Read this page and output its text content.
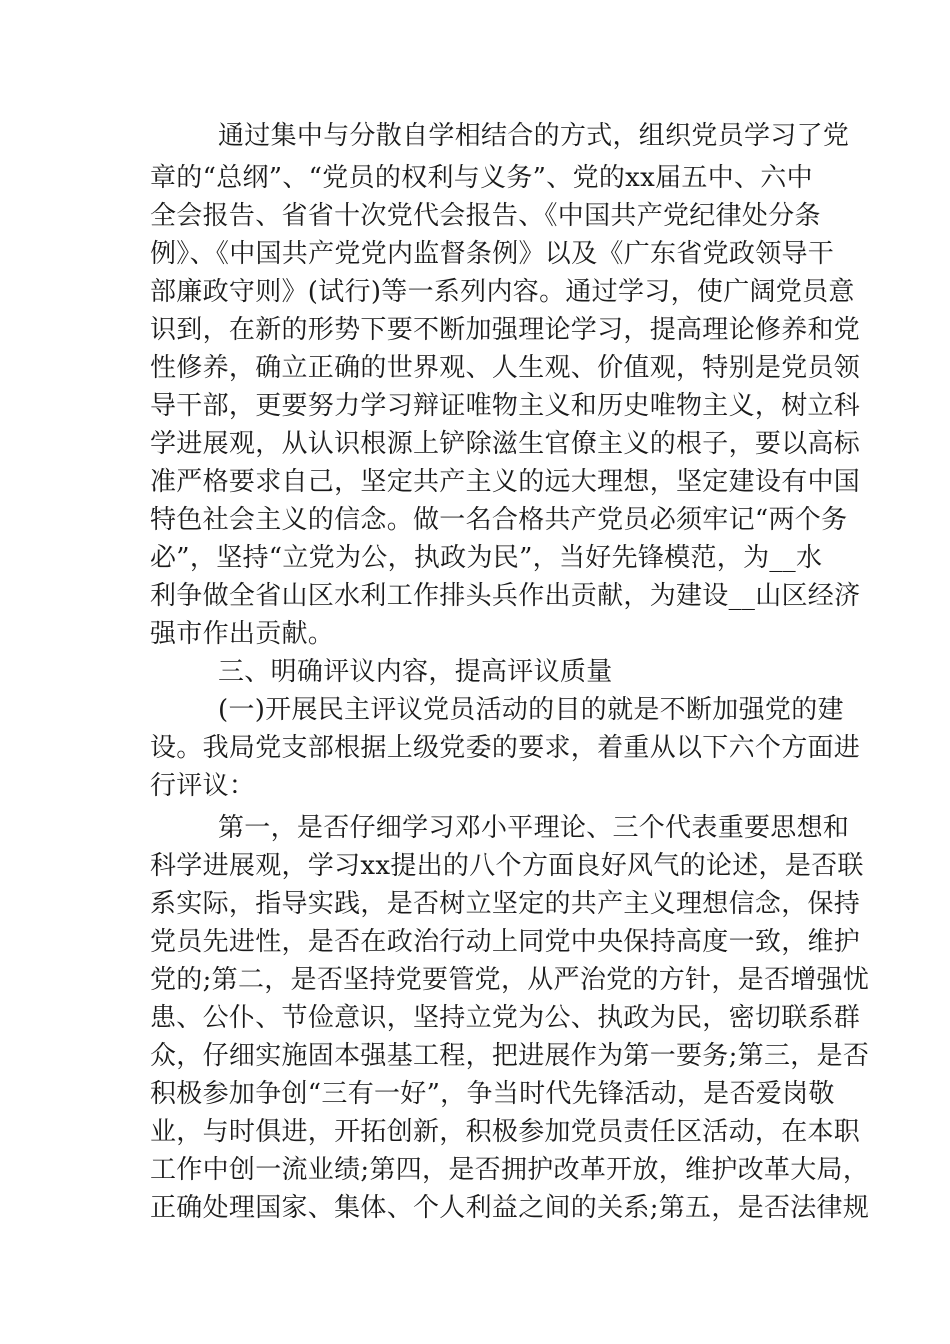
通过集中与分散自学相结合的方式，组织党员学习了党
章的“总纲”、“党员的权利与义务”、党的xx届五中、六中
全会报告、省省十次党代会报告、《中国共产党纪律处分条
例》、《中国共产党党内监督条例》以及《广东省党政领导干
部廉政守则》(试行)等一系列内容。通过学习，使广阔党员意
识到，在新的形势下要不断加强理论学习，提高理论修养和党
性修养，确立正确的世界观、人生观、价值观，特别是党员领
导干部，更要努力学习辩证唯物主义和历史唯物主义，树立科
学进展观，从认识根源上铲除滋生官僚主义的根子，要以高标
准严格要求自己，坚定共产主义的远大理想，坚定建设有中国
特色社会主义的信念。做一名合格共产党员必须牢记“两个务
必”，坚持“立党为公，执政为民”，当好先锋模范，为__水
利争做全省山区水利工作排头兵作出贡献，为建设__山区经济
强市作出贡献。
三、明确评议内容，提高评议质量
(一)开展民主评议党员活动的目的就是不断加强党的建
设。我局党支部根据上级党委的要求，着重从以下六个方面进
行评议：
第一，是否仔细学习邓小平理论、三个代表重要思想和
科学进展观，学习xx提出的八个方面良好风气的论述，是否联
系实际，指导实践，是否树立坚定的共产主义理想信念，保持
党员先进性，是否在政治行动上同党中央保持高度一致，维护
党的;第二，是否坚持党要管党，从严治党的方针，是否增强忧
患、公仆、节俭意识，坚持立党为公、执政为民，密切联系群
众，仔细实施固本强基工程，把进展作为第一要务;第三，是否
积极参加争创“三有一好”，争当时代先锋活动，是否爱岗敬
业，与时俱进，开拓创新，积极参加党员责任区活动，在本职
工作中创一流业绩;第四，是否拥护改革开放，维护改革大局，
正确处理国家、集体、个人利益之间的关系;第五，是否法律规
